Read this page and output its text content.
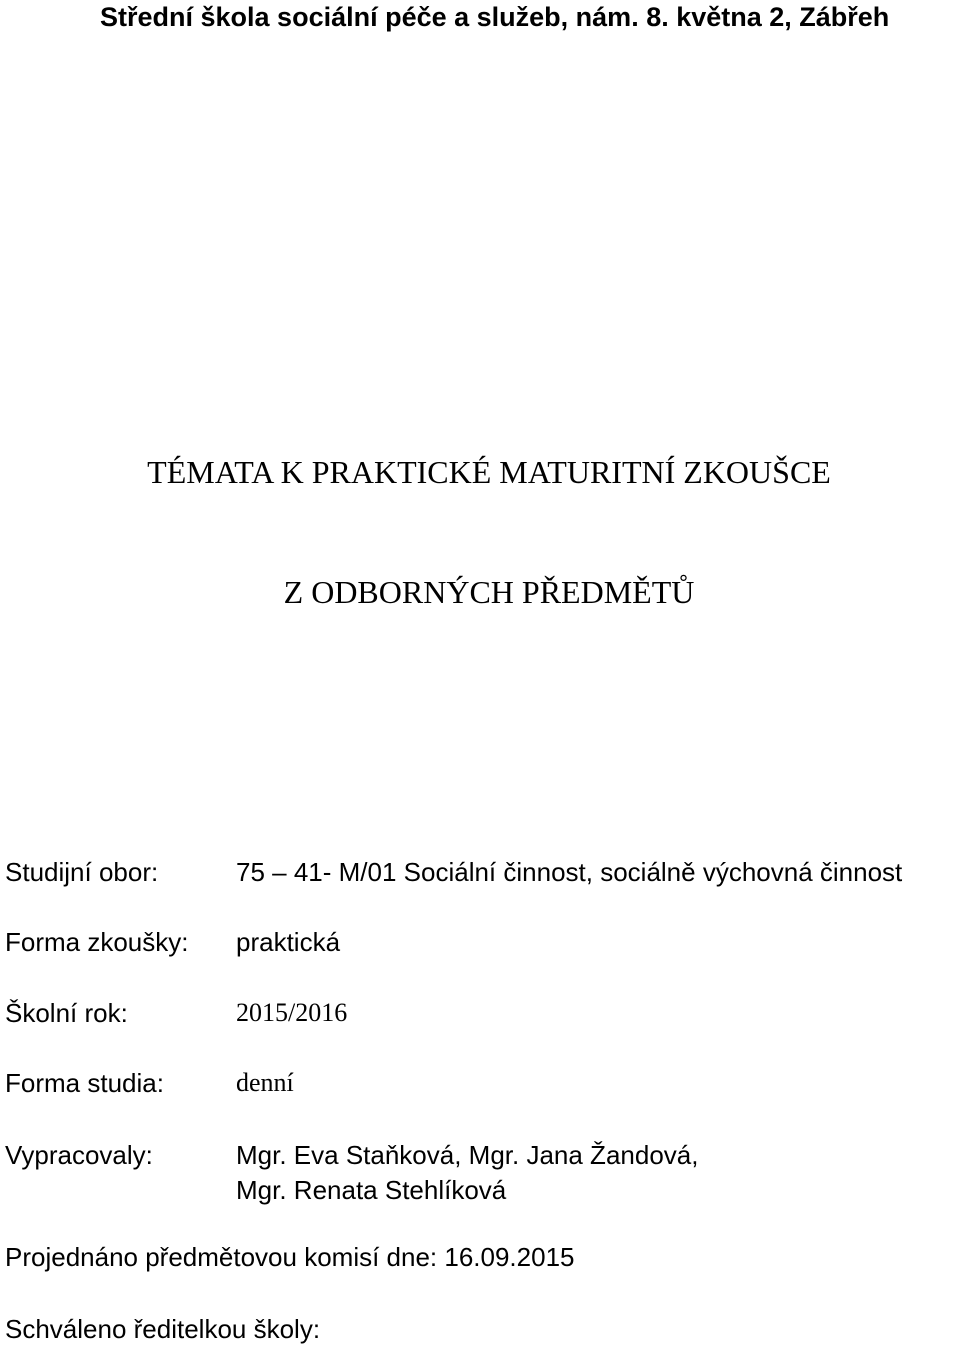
Střední škola sociální péče a služeb, nám. 8. května 2, Zábřeh
TÉMATA K PRAKTICKÉ MATURITNÍ ZKOUŠCE
Z ODBORNÝCH PŘEDMĚTŮ
Studijní obor:	75 – 41- M/01 Sociální činnost, sociálně výchovná činnost
Forma zkoušky: praktická
Školní rok:	2015/2016
Forma studia:	denní
Vypracovaly:	Mgr. Eva Staňková, Mgr. Jana Žandová,
Mgr. Renata Stehlíková
Projednáno předmětovou komisí dne: 16.09.2015
Schváleno ředitelkou školy:
